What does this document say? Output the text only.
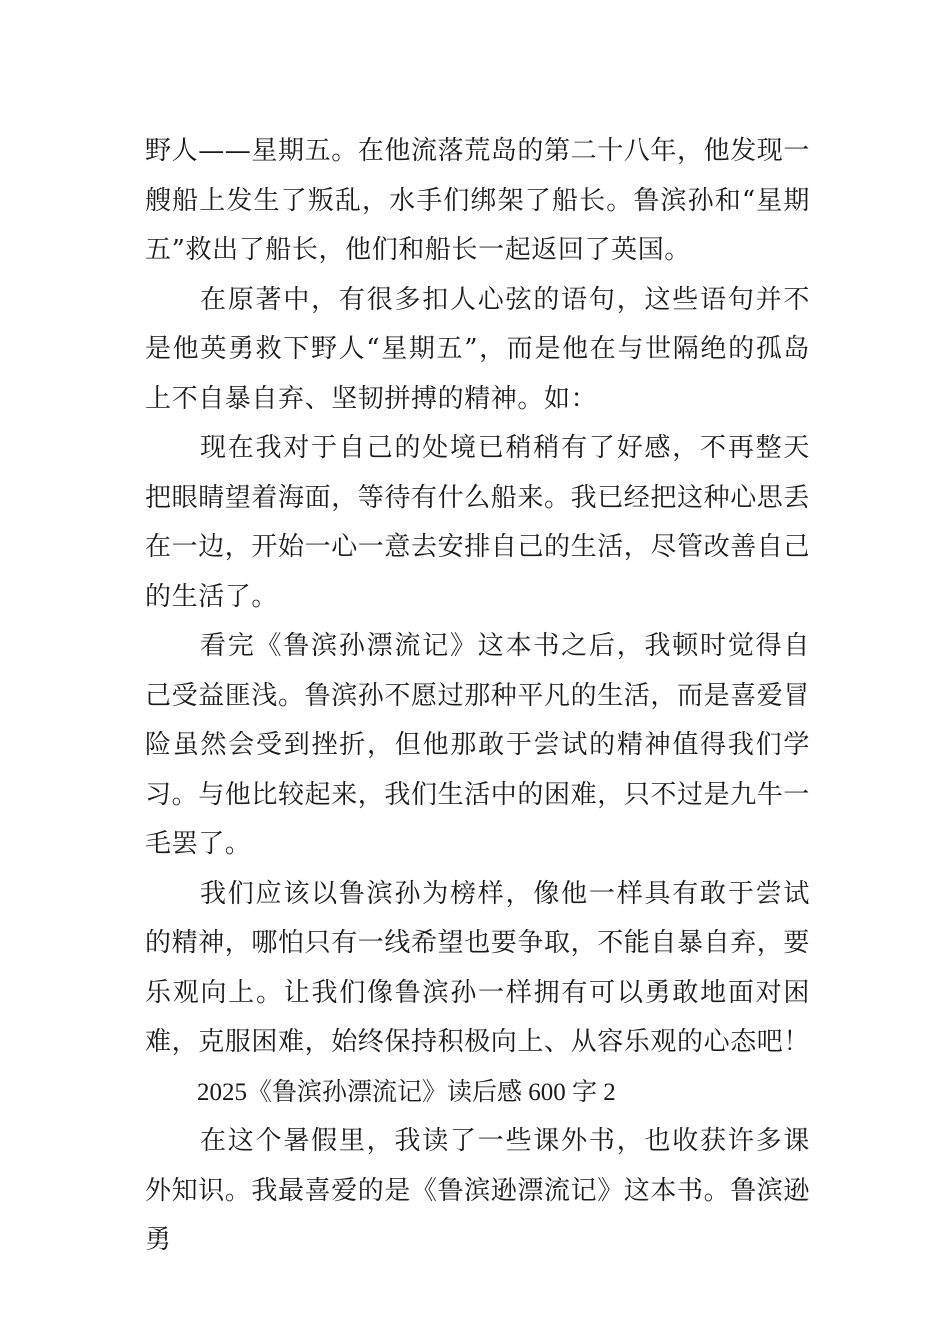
野人——星期五。在他流落荒岛的第二十八年，他发现一艘船上发生了叛乱，水手们绑架了船长。鲁滨孙和“星期五”救出了船长，他们和船长一起返回了英国。

在原著中，有很多扣人心弦的语句，这些语句并不是他英勇救下野人“星期五”，而是他在与世隔绝的孤岛上不自暴自弃、坚韧拼搏的精神。如：

现在我对于自己的处境已稍稍有了好感，不再整天把眼睛望着海面，等待有什么船来。我已经把这种心思丢在一边，开始一心一意去安排自己的生活，尽管改善自己的生活了。

看完《鲁滨孙漂流记》这本书之后，我顿时觉得自己受益匪浅。鲁滨孙不愿过那种平凡的生活，而是喜爱冒险虽然会受到挫折，但他那敢于尝试的精神值得我们学习。与他比较起来，我们生活中的困难，只不过是九牛一毛罢了。

我们应该以鲁滨孙为榜样，像他一样具有敢于尝试的精神，哪怕只有一线希望也要争取，不能自暴自弃，要乐观向上。让我们像鲁滨孙一样拥有可以勇敢地面对困难，克服困难，始终保持积极向上、从容乐观的心态吧！

2025《鲁滨孙漂流记》读后感 600 字 2

在这个暑假里，我读了一些课外书，也收获许多课外知识。我最喜爱的是《鲁滨逊漂流记》这本书。鲁滨逊勇
